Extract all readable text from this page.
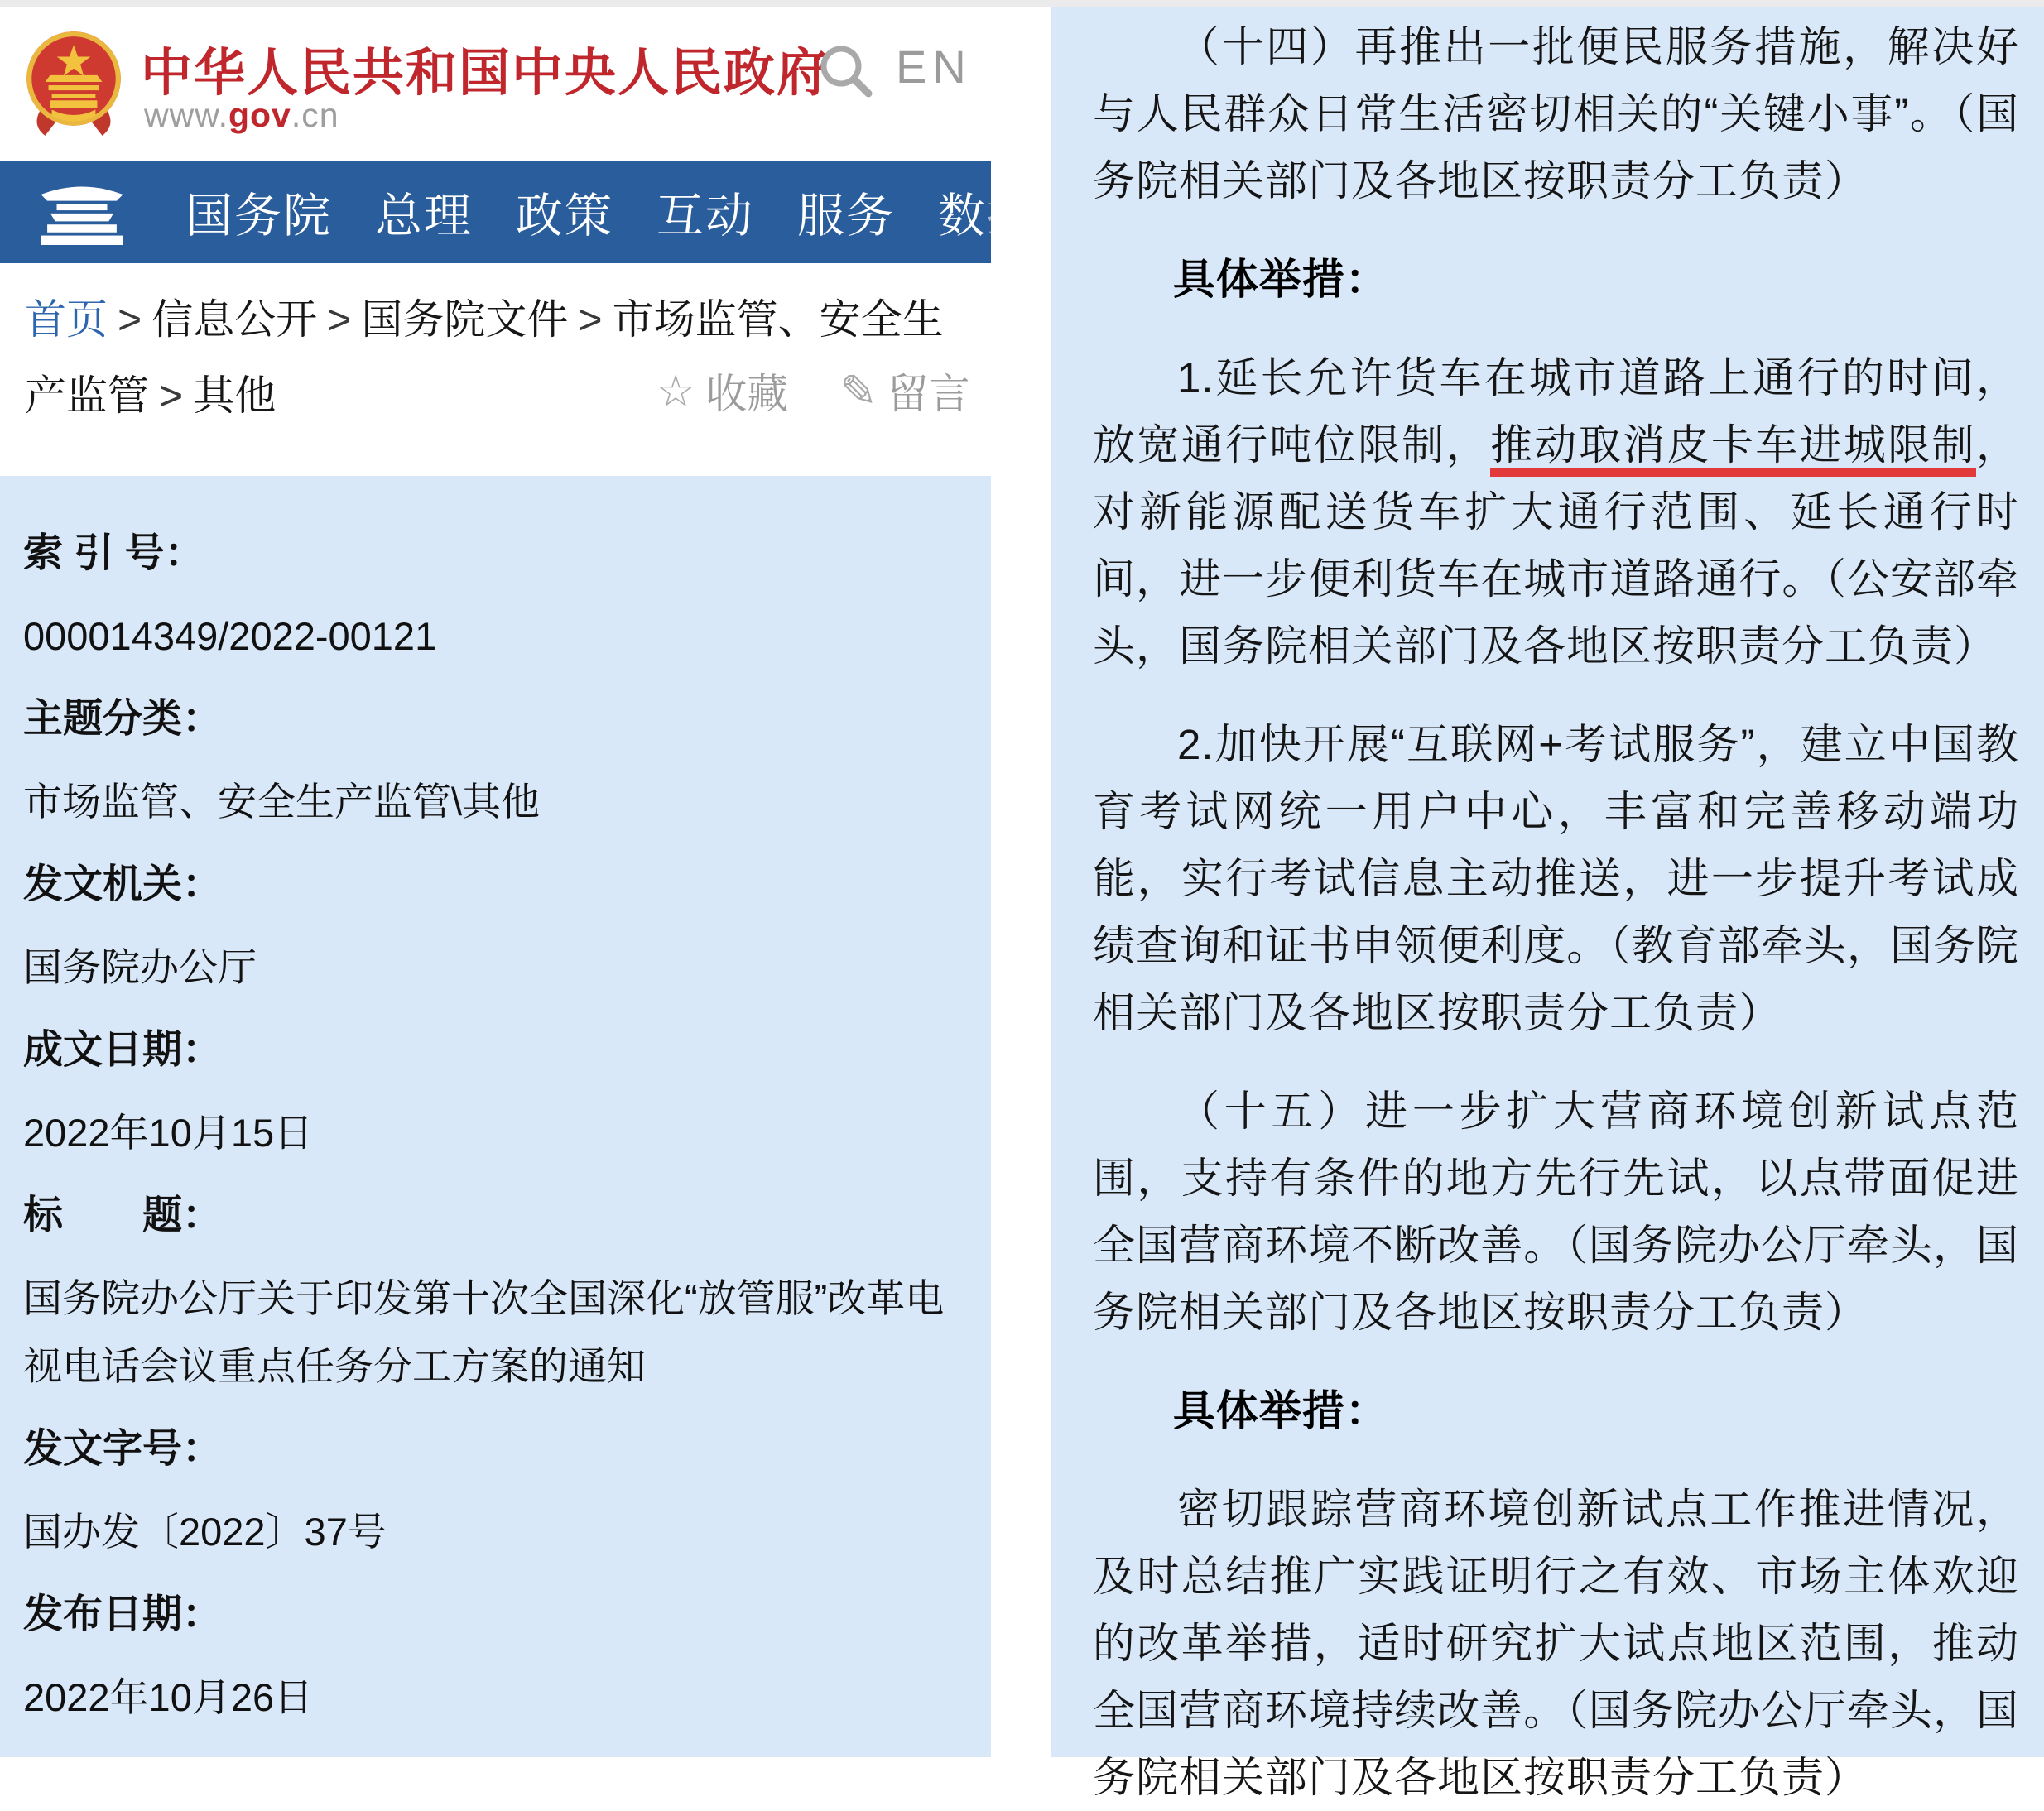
中华人民共和国中央人民政府
www.gov.cn
EN
国务院 总理 政策 互动 服务 数据
首页 > 信息公开 > 国务院文件 > 市场监管、安全生产监管 > 其他	☆ 收藏 ✎ 留言
索 引 号：
000014349/2022-00121
主题分类：
市场监管、安全生产监管\其他
发文机关：
国务院办公厅
成文日期：
2022年10月15日
标　　题：
国务院办公厅关于印发第十次全国深化“放管服”改革电视电话会议重点任务分工方案的通知
发文字号：
国办发〔2022〕37号
发布日期：
2022年10月26日

（十四）再推出一批便民服务措施，解决好与人民群众日常生活密切相关的“关键小事”。（国务院相关部门及各地区按职责分工负责）

具体举措：

1.延长允许货车在城市道路上通行的时间，放宽通行吨位限制，推动取消皮卡车进城限制，对新能源配送货车扩大通行范围、延长通行时间，进一步便利货车在城市道路通行。（公安部牵头，国务院相关部门及各地区按职责分工负责）

2.加快开展“互联网+考试服务”，建立中国教育考试网统一用户中心，丰富和完善移动端功能，实行考试信息主动推送，进一步提升考试成绩查询和证书申领便利度。（教育部牵头，国务院相关部门及各地区按职责分工负责）

（十五）进一步扩大营商环境创新试点范围，支持有条件的地方先行先试，以点带面促进全国营商环境不断改善。（国务院办公厅牵头，国务院相关部门及各地区按职责分工负责）

具体举措：

密切跟踪营商环境创新试点工作推进情况，及时总结推广实践证明行之有效、市场主体欢迎的改革举措，适时研究扩大试点地区范围，推动全国营商环境持续改善。（国务院办公厅牵头，国务院相关部门及各地区按职责分工负责）
